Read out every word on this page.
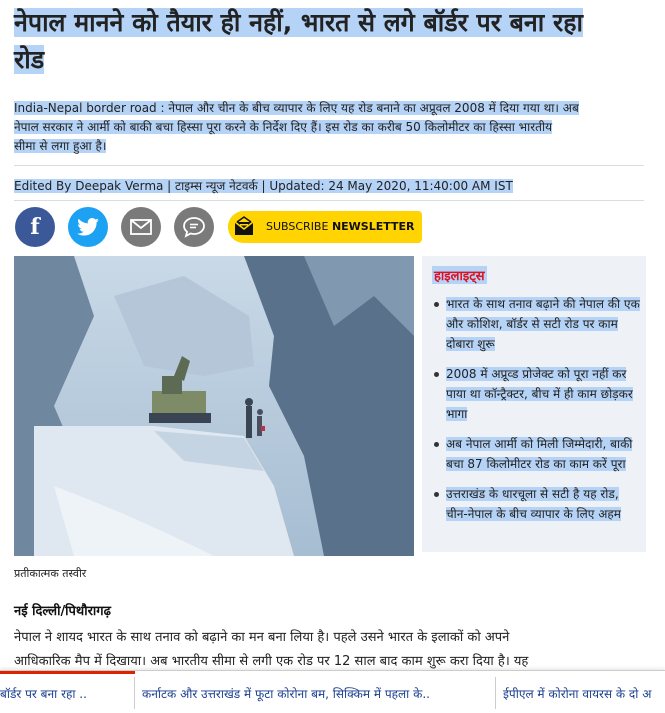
नेपाल मानने को तैयार ही नहीं, भारत से लगे बॉर्डर पर बना रहा
रोड
India-Nepal border road : नेपाल और चीन के बीच व्यापार के लिए यह रोड बनाने का अप्रूवल 2008 में दिया गया था। अब
नेपाल सरकार ने आर्मी को बाकी बचा हिस्सा पूरा करने के निर्देश दिए हैं। इस रोड का करीब 50 किलोमीटर का हिस्सा भारतीय
सीमा से लगा हुआ है।
Edited By Deepak Verma | टाइम्स न्यूज नेटवर्क | Updated: 24 May 2020, 11:40:00 AM IST
f	SUBSCRIBE NEWSLETTER
प्रतीकात्मक तस्वीर
हाइलाइट्स
भारत के साथ तनाव बढ़ाने की नेपाल की एक और कोशिश, बॉर्डर से सटी रोड पर काम दोबारा शुरू
2008 में अप्रूव्ड प्रोजेक्ट को पूरा नहीं कर पाया था कॉन्ट्रैक्टर, बीच में ही काम छोड़कर भागा
अब नेपाल आर्मी को मिली जिम्मेदारी, बाकी बचा 87 किलोमीटर रोड का काम करें पूरा
उत्तराखंड के धारचूला से सटी है यह रोड, चीन-नेपाल के बीच व्यापार के लिए अहम
नई दिल्ली/पिथौरागढ़
नेपाल ने शायद भारत के साथ तनाव को बढ़ाने का मन बना लिया है। पहले उसने भारत के इलाकों को अपने
आधिकारिक मैप में दिखाया। अब भारतीय सीमा से लगी एक रोड पर 12 साल बाद काम शुरू करा दिया है। यह
बॉर्डर पर बना रहा ..	कर्नाटक और उत्तराखंड में फूटा कोरोना बम, सिक्किम में पहला के..	ईपीएल में कोरोना वायरस के दो अ
